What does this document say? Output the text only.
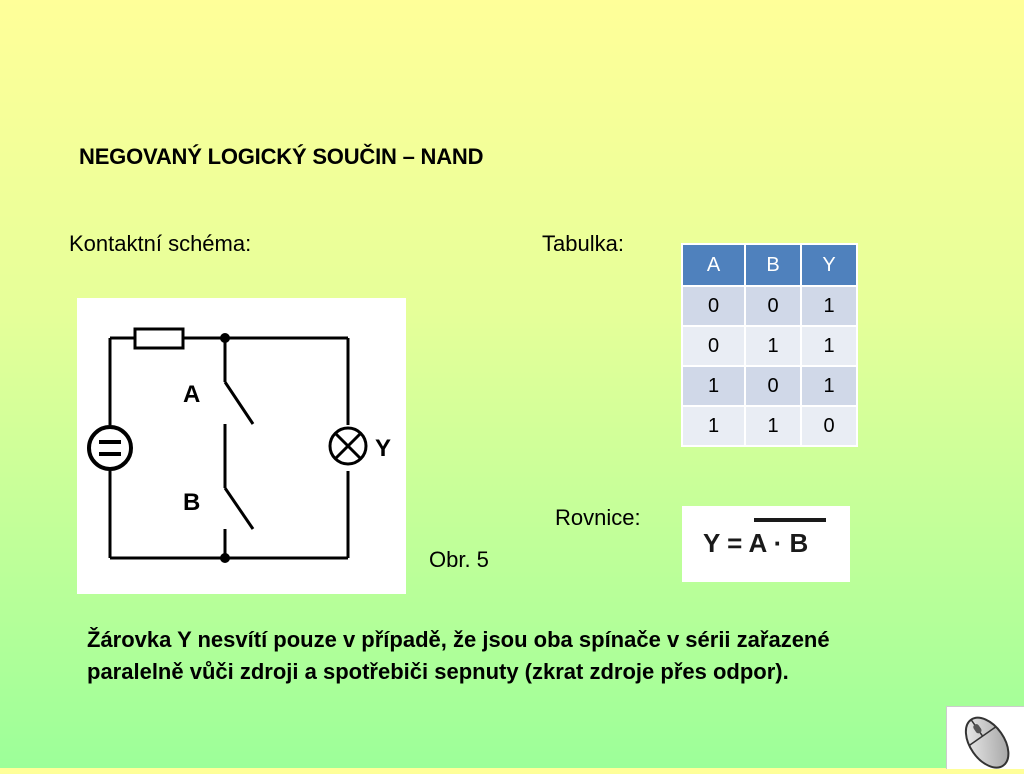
NEGOVANÝ LOGICKÝ SOUČIN – NAND
Kontaktní schéma:	Tabulka:
Rovnice:
Obr. 5
A
B
Y
A	B	Y
0	0	1
0	1	1
1	0	1
1	1	0
Y = A · B

Žárovka Y nesvítí pouze v případě, že jsou oba spínače v sérii zařazené

paralelně vůči zdroji a spotřebiči sepnuty (zkrat zdroje přes odpor).
